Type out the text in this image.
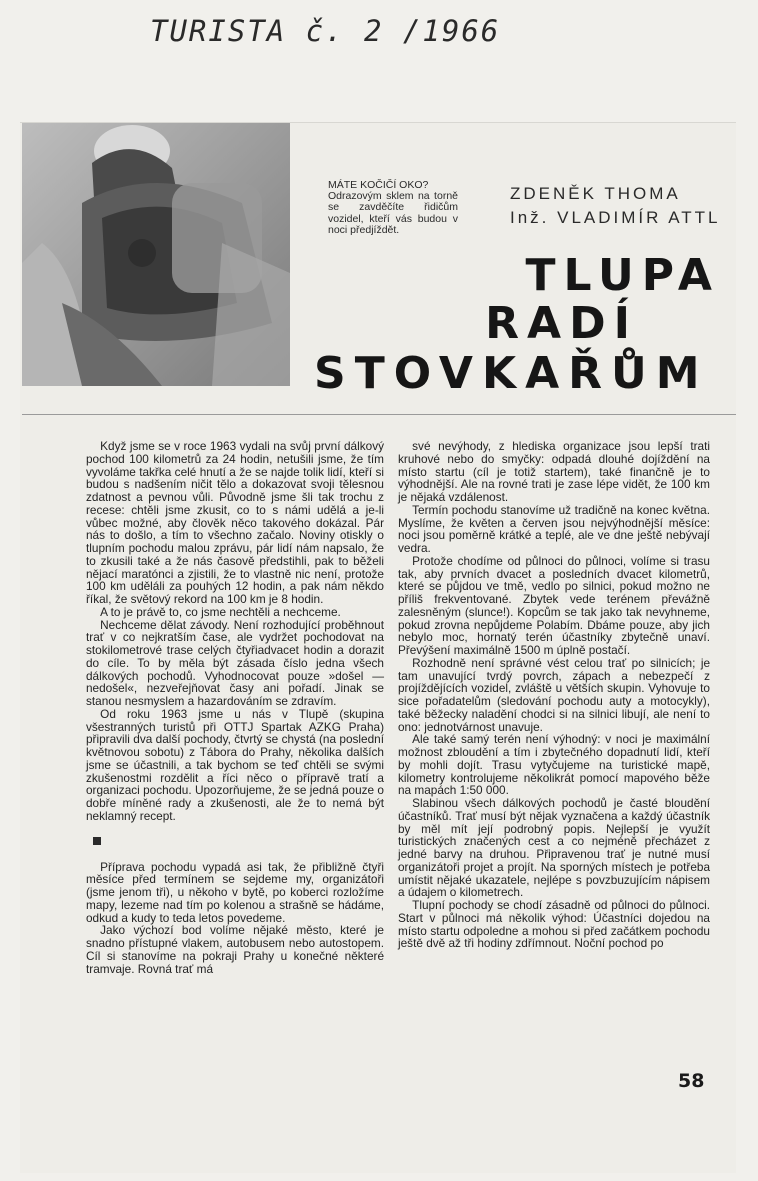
TURISTA č. 2 /1966
MÁTE KOČIČÍ OKO?
Odrazovým sklem na torně se zavděčíte řidičům vozidel, kteří vás budou v noci předjíždět.
ZDENĚK THOMA
Inž. VLADIMÍR ATTL
TLUPA
RADÍ
STOVKAŘŮM

Když jsme se v roce 1963 vydali na svůj první dálkový pochod 100 kilometrů za 24 hodin, netušili jsme, že tím vyvoláme takřka celé hnutí a že se najde tolik lidí, kteří si budou s nadšením ničit tělo a dokazovat svoji tělesnou zdatnost a pevnou vůli. Původně jsme šli tak trochu z recese: chtěli jsme zkusit, co to s námi udělá a je-li vůbec možné, aby člověk něco takového dokázal. Pár nás to došlo, a tím to všechno začalo. Noviny otiskly o tlupním pochodu malou zprávu, pár lidí nám napsalo, že to zkusili také a že nás časově předstihli, pak to běželi nějací maratónci a zjistili, že to vlastně nic není, protože 100 km uděláli za pouhých 12 hodin, a pak nám někdo říkal, že světový rekord na 100 km je 8 hodin.

A to je právě to, co jsme nechtěli a nechceme.

Nechceme dělat závody. Není rozhodující proběhnout trať v co nejkratším čase, ale vydržet pochodovat na stokilometrové trase celých čtyřiadvacet hodin a dorazit do cíle. To by měla být zásada číslo jedna všech dálkových pochodů. Vyhodnocovat pouze »došel — nedošel«, nezveřejňovat časy ani pořadí. Jinak se stanou nesmyslem a hazardováním se zdravím.

Od roku 1963 jsme u nás v Tlupě (skupina všestranných turistů při OTTJ Spartak AZKG Praha) připravili dva další pochody, čtvrtý se chystá (na poslední květnovou sobotu) z Tábora do Prahy, několika dalších jsme se účastnili, a tak bychom se teď chtěli se svými zkušenostmi rozdělit a říci něco o přípravě tratí a organizaci pochodu. Upozorňujeme, že se jedná pouze o dobře míněné rady a zkušenosti, ale že to nemá být neklamný recept.

Příprava pochodu vypadá asi tak, že přibližně čtyři měsíce před termínem se sejdeme my, organizátoři (jsme jenom tři), u někoho v bytě, po koberci rozložíme mapy, lezeme nad tím po kolenou a strašně se hádáme, odkud a kudy to teda letos povedeme.

Jako výchozí bod volíme nějaké město, které je snadno přístupné vlakem, autobusem nebo autostopem. Cíl si stanovíme na pokraji Prahy u konečné některé tramvaje. Rovná trať má

své nevýhody, z hlediska organizace jsou lepší trati kruhové nebo do smyčky: odpadá dlouhé dojíždění na místo startu (cíl je totiž startem), také finančně je to výhodnější. Ale na rovné trati je zase lépe vidět, že 100 km je nějaká vzdálenost.

Termín pochodu stanovíme už tradičně na konec května. Myslíme, že květen a červen jsou nejvýhodnější měsíce: noci jsou poměrně krátké a teplé, ale ve dne ještě nebývají vedra.

Protože chodíme od půlnoci do půlnoci, volíme si trasu tak, aby prvních dvacet a posledních dvacet kilometrů, které se půjdou ve tmě, vedlo po silnici, pokud možno ne příliš frekventované. Zbytek vede terénem převážně zalesněným (slunce!). Kopcům se tak jako tak nevyhneme, pokud zrovna nepůjdeme Polabím. Dbáme pouze, aby jich nebylo moc, hornatý terén účastníky zbytečně unaví. Převýšení maximálně 1500 m úplně postačí.

Rozhodně není správné vést celou trať po silnicích; je tam unavující tvrdý povrch, zápach a nebezpečí z projíždějících vozidel, zvláště u větších skupin. Vyhovuje to sice pořadatelům (sledování pochodu auty a motocykly), také běžecky naladění chodci si na silnici libují, ale není to ono: jednotvárnost unavuje.

Ale také samý terén není výhodný: v noci je maximální možnost zbloudění a tím i zbytečného dopadnutí lidí, kteří by mohli dojít. Trasu vytyčujeme na turistické mapě, kilometry kontrolujeme několikrát pomocí mapového běže na mapách 1:50 000.

Slabinou všech dálkových pochodů je časté bloudění účastníků. Trať musí být nějak vyznačena a každý účastník by měl mít její podrobný popis. Nejlepší je využít turistických značených cest a co nejméně přecházet z jedné barvy na druhou. Připravenou trať je nutné musí organizátoři projet a projít. Na sporných místech je potřeba umístit nějaké ukazatele, nejlépe s povzbuzujícím nápisem a údajem o kilometrech.

Tlupní pochody se chodí zásadně od půlnoci do půlnoci. Start v půlnoci má několik výhod: Účastníci dojedou na místo startu odpoledne a mohou si před začátkem pochodu ještě dvě až tři hodiny zdřímnout. Noční pochod po

58
